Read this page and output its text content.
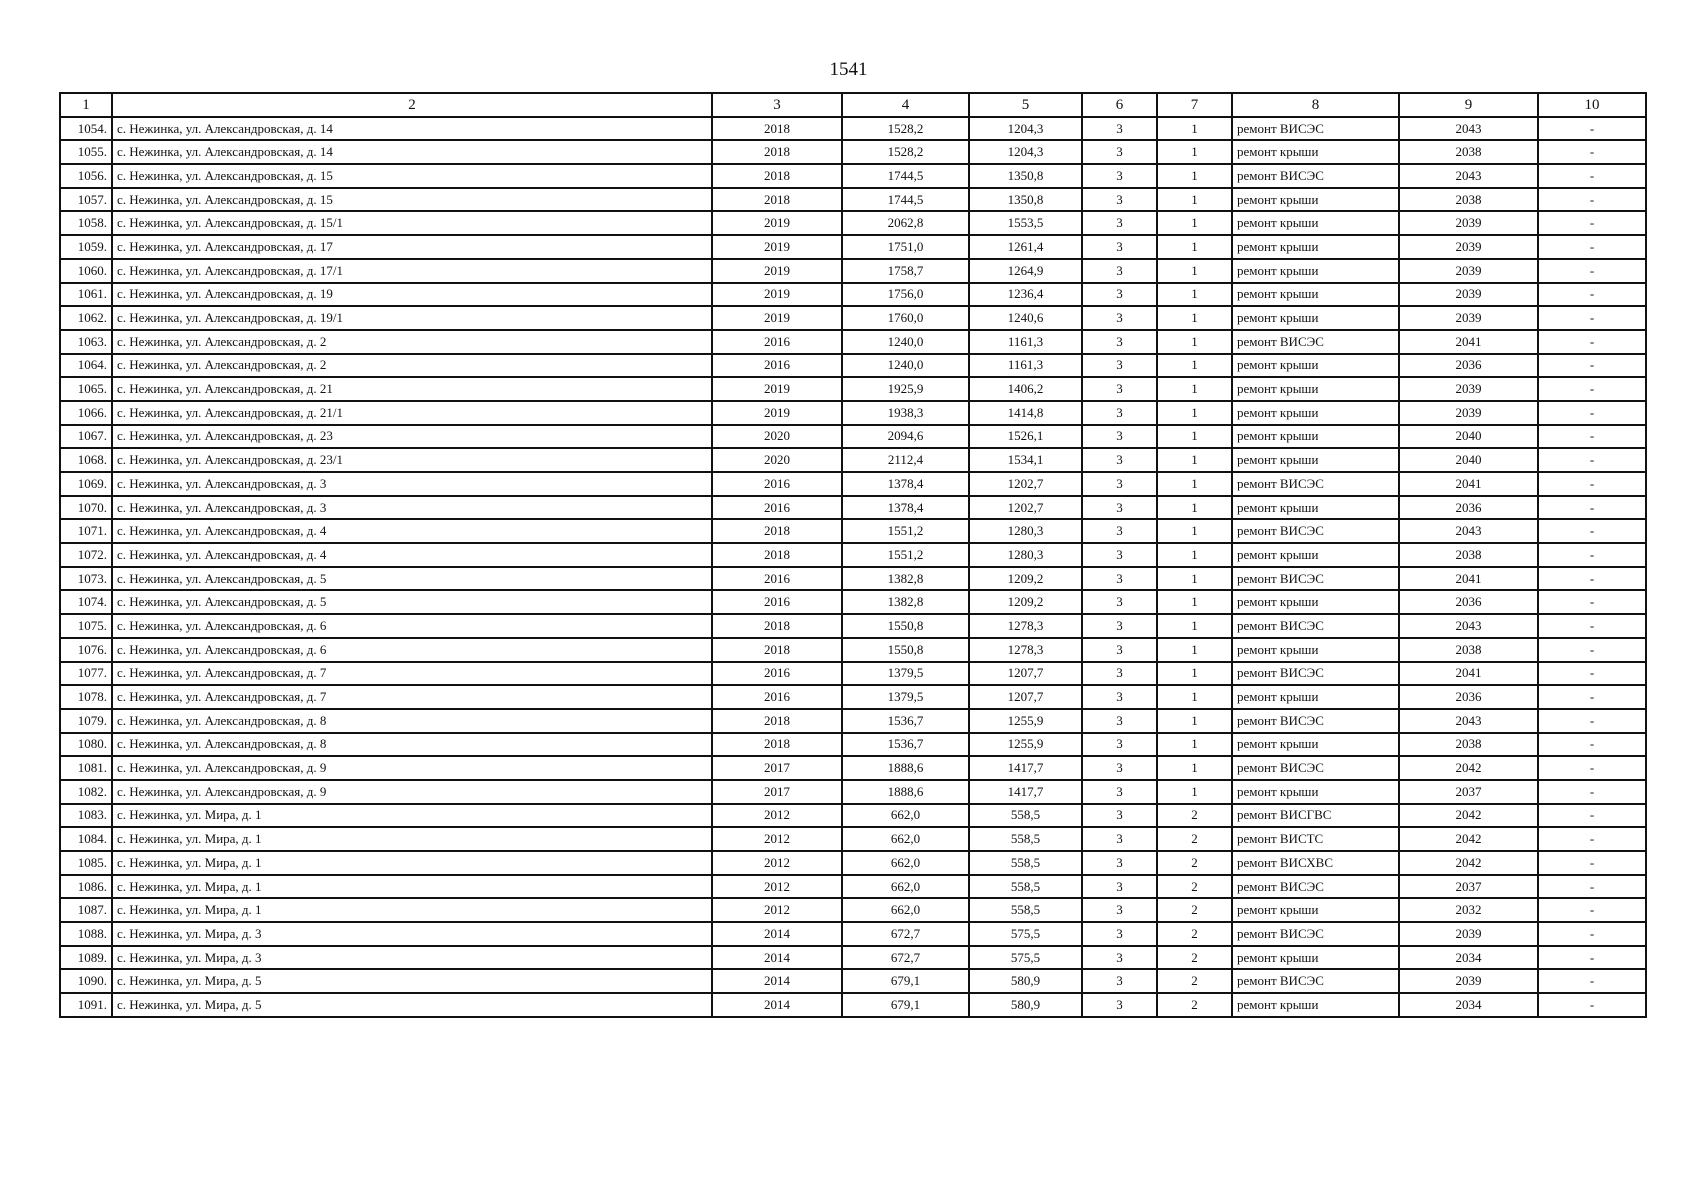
1541
1	2	3	4	5	6	7	8	9	10
1054.	с. Нежинка, ул. Александровская, д. 14	2018	1528,2	1204,3	3	1	ремонт ВИСЭС	2043	-
1055.	с. Нежинка, ул. Александровская, д. 14	2018	1528,2	1204,3	3	1	ремонт крыши	2038	-
1056.	с. Нежинка, ул. Александровская, д. 15	2018	1744,5	1350,8	3	1	ремонт ВИСЭС	2043	-
1057.	с. Нежинка, ул. Александровская, д. 15	2018	1744,5	1350,8	3	1	ремонт крыши	2038	-
1058.	с. Нежинка, ул. Александровская, д. 15/1	2019	2062,8	1553,5	3	1	ремонт крыши	2039	-
1059.	с. Нежинка, ул. Александровская, д. 17	2019	1751,0	1261,4	3	1	ремонт крыши	2039	-
1060.	с. Нежинка, ул. Александровская, д. 17/1	2019	1758,7	1264,9	3	1	ремонт крыши	2039	-
1061.	с. Нежинка, ул. Александровская, д. 19	2019	1756,0	1236,4	3	1	ремонт крыши	2039	-
1062.	с. Нежинка, ул. Александровская, д. 19/1	2019	1760,0	1240,6	3	1	ремонт крыши	2039	-
1063.	с. Нежинка, ул. Александровская, д. 2	2016	1240,0	1161,3	3	1	ремонт ВИСЭС	2041	-
1064.	с. Нежинка, ул. Александровская, д. 2	2016	1240,0	1161,3	3	1	ремонт крыши	2036	-
1065.	с. Нежинка, ул. Александровская, д. 21	2019	1925,9	1406,2	3	1	ремонт крыши	2039	-
1066.	с. Нежинка, ул. Александровская, д. 21/1	2019	1938,3	1414,8	3	1	ремонт крыши	2039	-
1067.	с. Нежинка, ул. Александровская, д. 23	2020	2094,6	1526,1	3	1	ремонт крыши	2040	-
1068.	с. Нежинка, ул. Александровская, д. 23/1	2020	2112,4	1534,1	3	1	ремонт крыши	2040	-
1069.	с. Нежинка, ул. Александровская, д. 3	2016	1378,4	1202,7	3	1	ремонт ВИСЭС	2041	-
1070.	с. Нежинка, ул. Александровская, д. 3	2016	1378,4	1202,7	3	1	ремонт крыши	2036	-
1071.	с. Нежинка, ул. Александровская, д. 4	2018	1551,2	1280,3	3	1	ремонт ВИСЭС	2043	-
1072.	с. Нежинка, ул. Александровская, д. 4	2018	1551,2	1280,3	3	1	ремонт крыши	2038	-
1073.	с. Нежинка, ул. Александровская, д. 5	2016	1382,8	1209,2	3	1	ремонт ВИСЭС	2041	-
1074.	с. Нежинка, ул. Александровская, д. 5	2016	1382,8	1209,2	3	1	ремонт крыши	2036	-
1075.	с. Нежинка, ул. Александровская, д. 6	2018	1550,8	1278,3	3	1	ремонт ВИСЭС	2043	-
1076.	с. Нежинка, ул. Александровская, д. 6	2018	1550,8	1278,3	3	1	ремонт крыши	2038	-
1077.	с. Нежинка, ул. Александровская, д. 7	2016	1379,5	1207,7	3	1	ремонт ВИСЭС	2041	-
1078.	с. Нежинка, ул. Александровская, д. 7	2016	1379,5	1207,7	3	1	ремонт крыши	2036	-
1079.	с. Нежинка, ул. Александровская, д. 8	2018	1536,7	1255,9	3	1	ремонт ВИСЭС	2043	-
1080.	с. Нежинка, ул. Александровская, д. 8	2018	1536,7	1255,9	3	1	ремонт крыши	2038	-
1081.	с. Нежинка, ул. Александровская, д. 9	2017	1888,6	1417,7	3	1	ремонт ВИСЭС	2042	-
1082.	с. Нежинка, ул. Александровская, д. 9	2017	1888,6	1417,7	3	1	ремонт крыши	2037	-
1083.	с. Нежинка, ул. Мира, д. 1	2012	662,0	558,5	3	2	ремонт ВИСГВС	2042	-
1084.	с. Нежинка, ул. Мира, д. 1	2012	662,0	558,5	3	2	ремонт ВИСТС	2042	-
1085.	с. Нежинка, ул. Мира, д. 1	2012	662,0	558,5	3	2	ремонт ВИСХВС	2042	-
1086.	с. Нежинка, ул. Мира, д. 1	2012	662,0	558,5	3	2	ремонт ВИСЭС	2037	-
1087.	с. Нежинка, ул. Мира, д. 1	2012	662,0	558,5	3	2	ремонт крыши	2032	-
1088.	с. Нежинка, ул. Мира, д. 3	2014	672,7	575,5	3	2	ремонт ВИСЭС	2039	-
1089.	с. Нежинка, ул. Мира, д. 3	2014	672,7	575,5	3	2	ремонт крыши	2034	-
1090.	с. Нежинка, ул. Мира, д. 5	2014	679,1	580,9	3	2	ремонт ВИСЭС	2039	-
1091.	с. Нежинка, ул. Мира, д. 5	2014	679,1	580,9	3	2	ремонт крыши	2034	-
